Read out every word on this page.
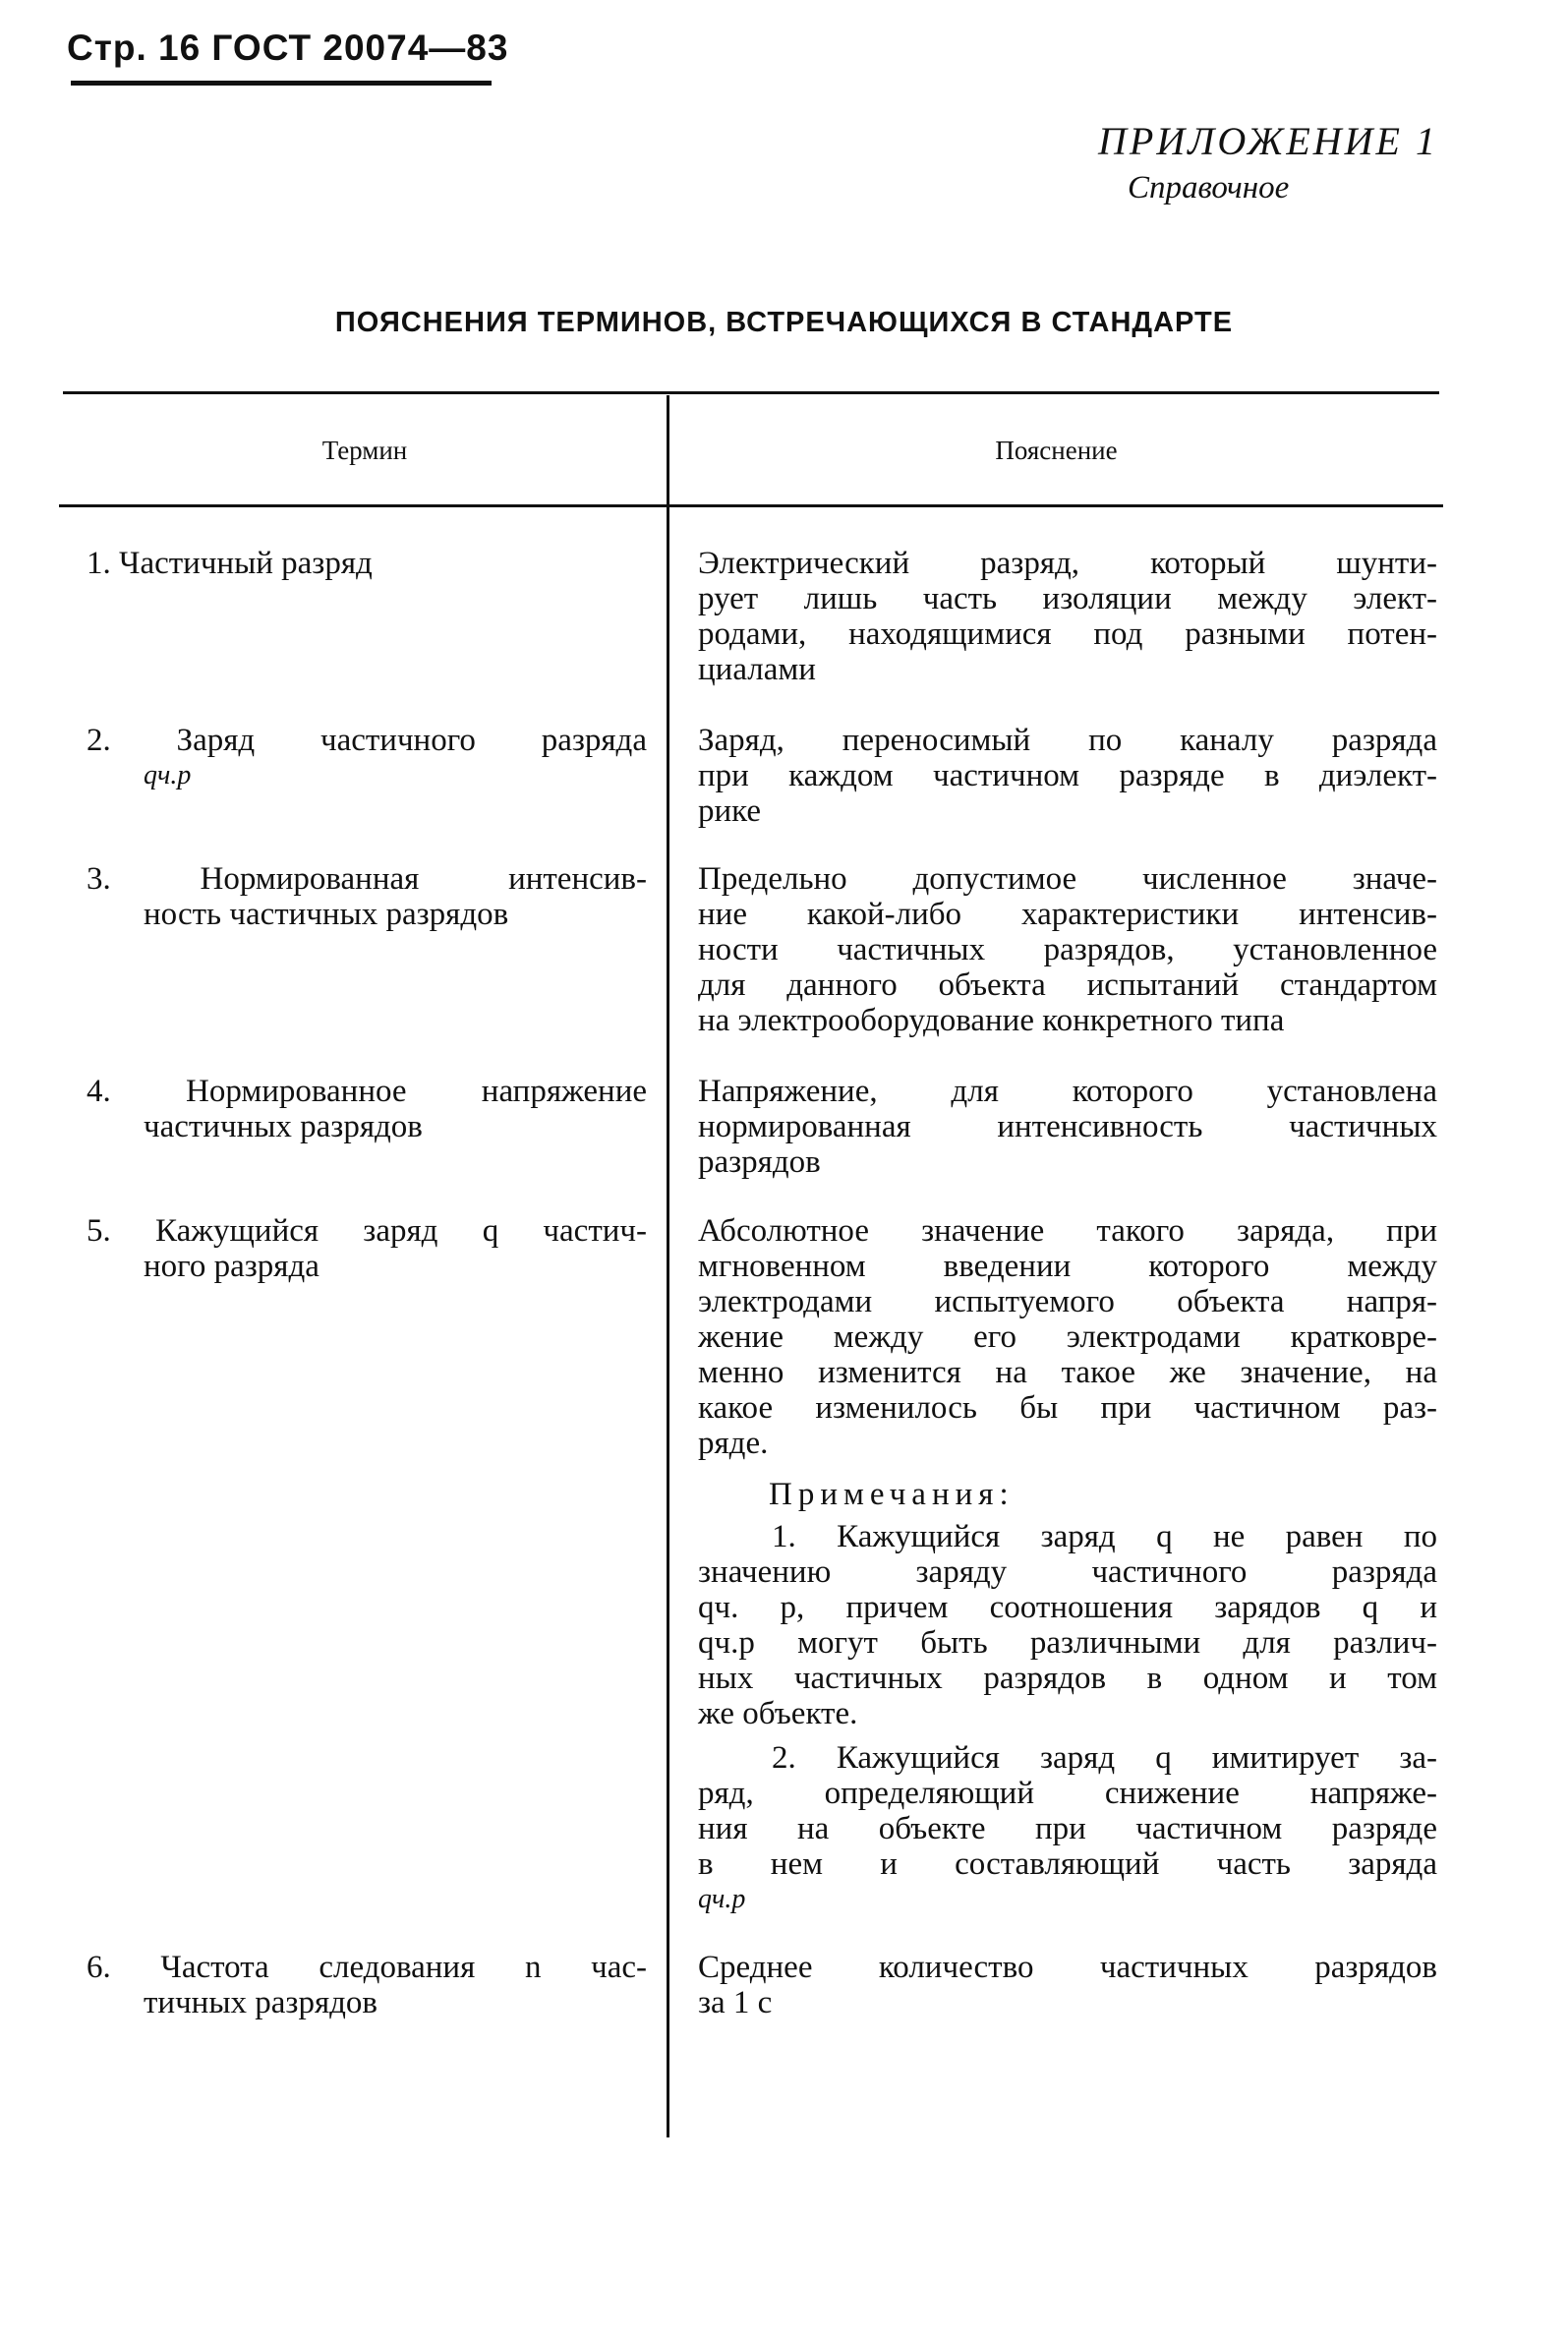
Стр. 16 ГОСТ 20074—83
ПРИЛОЖЕНИЕ 1
Справочное
ПОЯСНЕНИЯ ТЕРМИНОВ, ВСТРЕЧАЮЩИХСЯ В СТАНДАРТЕ
Термин	Пояснение
1. Частичный разряд	Электрический разряд, который шунти-
рует лишь часть изоляции между элект-
родами, находящимися под разными потен-
циалами
2. Заряд частичного разряда
qч.р
Заряд, переносимый по каналу разряда
при каждом частичном разряде в диэлект-
рике
3. Нормированная интенсив-
ность частичных разрядов
Предельно допустимое численное значе-
ние какой-либо характеристики интенсив-
ности частичных разрядов, установленное
для данного объекта испытаний стандартом
на электрооборудование конкретного типа
4. Нормированное напряжение
частичных разрядов
Напряжение, для которого установлена
нормированная интенсивность частичных
разрядов
5. Кажущийся заряд q частич-
ного разряда
Абсолютное значение такого заряда, при
мгновенном введении которого между
электродами испытуемого объекта напря-
жение между его электродами кратковре-
менно изменится на такое же значение, на
какое изменилось бы при частичном раз-
ряде.
Примечания:
1. Кажущийся заряд q не равен по
значению заряду частичного разряда
qч. р, причем соотношения зарядов q и
qч.р могут быть различными для различ-
ных частичных разрядов в одном и том
же объекте.
2. Кажущийся заряд q имитирует за-
ряд, определяющий снижение напряже-
ния на объекте при частичном разряде
в нем и составляющий часть заряда
qч.р
6. Частота следования n час-
тичных разрядов
Среднее количество частичных разрядов
за 1 с
